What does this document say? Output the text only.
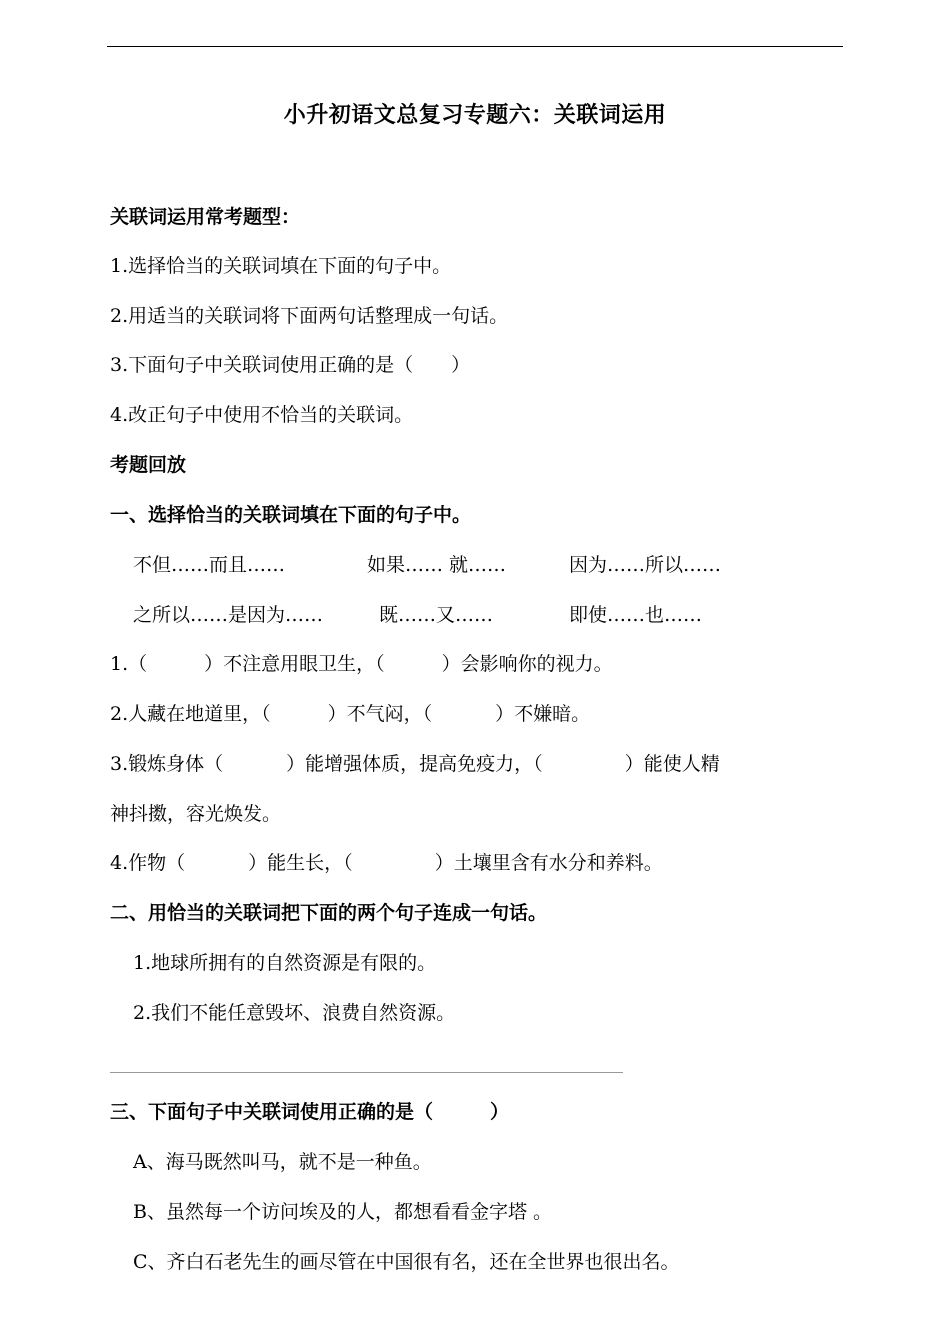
小升初语文总复习专题六：关联词运用
关联词运用常考题型：
1.选择恰当的关联词填在下面的句子中。
2.用适当的关联词将下面两句话整理成一句话。
3.下面句子中关联词使用正确的是（　　）
4.改正句子中使用不恰当的关联词。
考题回放
一、选择恰当的关联词填在下面的句子中。
不但……而且……	如果…… 就……	因为……所以……
之所以……是因为……	既……又……	即使……也……
1.（　　　）不注意用眼卫生，（　　　）会影响你的视力。
2.人藏在地道里，（　　　）不气闷，（　　　 ）不嫌暗。
3.锻炼身体（　　　 ）能增强体质，提高免疫力，（　　　　 ）能使人精
神抖擞，容光焕发。
4.作物（　　　 ）能生长，（　　　　 ）土壤里含有水分和养料。
二、用恰当的关联词把下面的两个句子连成一句话。
1.地球所拥有的自然资源是有限的。
2.我们不能任意毁坏、浪费自然资源。
三、下面句子中关联词使用正确的是（　　　）
A、海马既然叫马，就不是一种鱼。
B、虽然每一个访问埃及的人，都想看看金字塔 。
C、齐白石老先生的画尽管在中国很有名，还在全世界也很出名。
